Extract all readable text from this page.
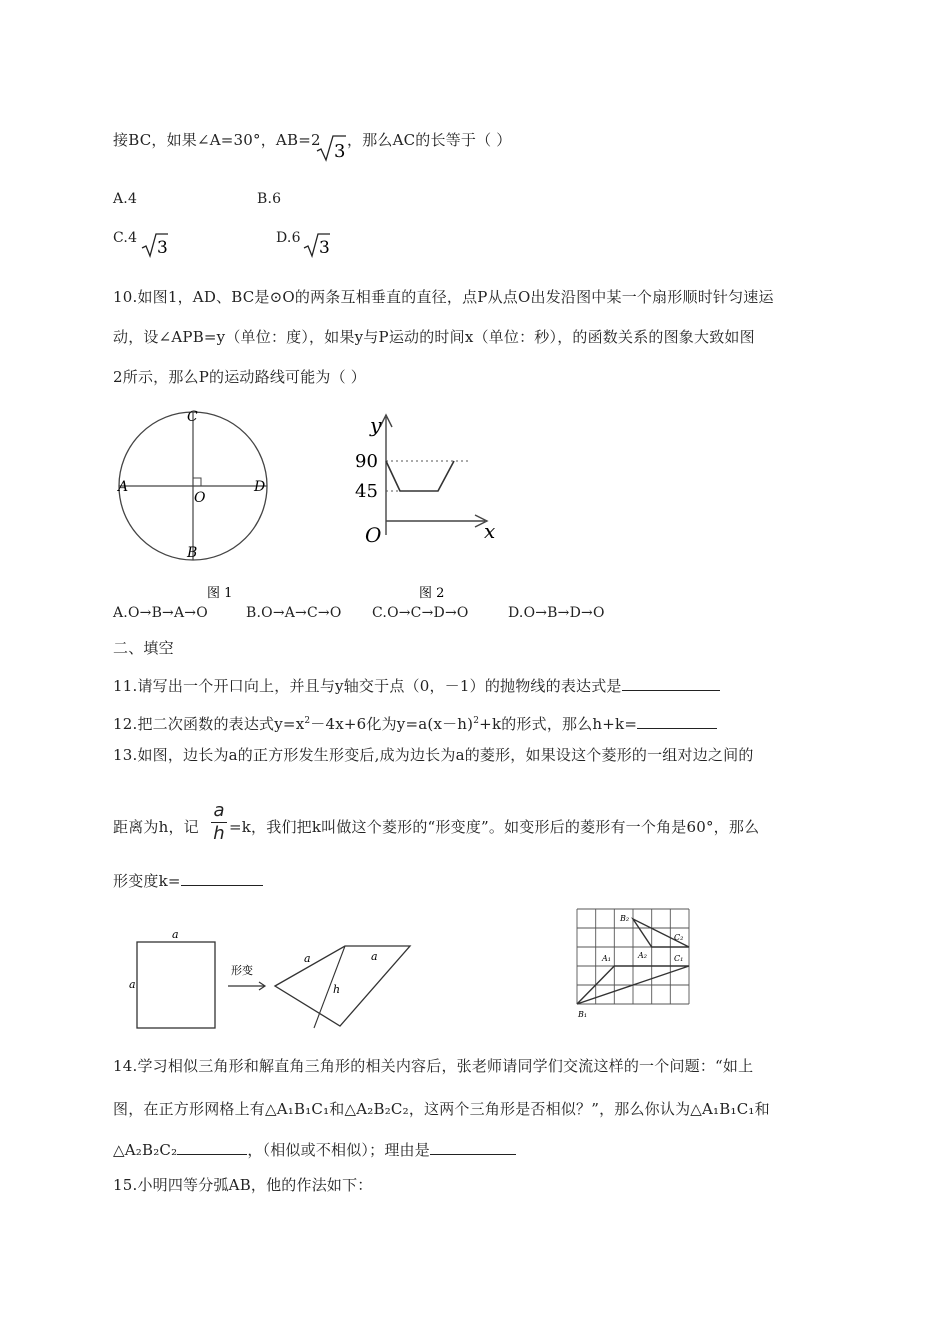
接BC，如果∠A=30°，AB=2
3
，那么AC的长等于（ ）
A.4	B.6
C.4 3	D.6 3
10.如图1，AD、BC是⊙O的两条互相垂直的直径，点P从点O出发沿图中某一个扇形顺时针匀速运
动，设∠APB=y（单位：度），如果y与P运动的时间x（单位：秒），的函数关系的图象大致如图
2所示，那么P的运动路线可能为（ ）
C
A
O
D
B
图 1
y
90
45
O	x
图 2
A.O→B→A→O	B.O→A→C→O C.O→C→D→O	D.O→B→D→O
二、填空
11.请写出一个开口向上，并且与y轴交于点（0，－1）的抛物线的表达式是
12.把二次函数的表达式$y=x^2-4x+6$化为$y=a(x-h)^2+k$的形式，那么h+k=
13.如图，边长为a的正方形发生形变后,成为边长为a的菱形，如果设这个菱形的一组对边之间的
距离为h，记
a
h =k，我们把k叫做这个菱形的“形变度”。如变形后的菱形有一个角是60°，那么
形变度k=
a
a
形变
a	a
h
B₂
C₂
A₁	A₂	C₁
B₁
14.学习相似三角形和解直角三角形的相关内容后，张老师请同学们交流这样的一个问题：“如上
图，在正方形网格上有△A₁B₁C₁和△A₂B₂C₂，这两个三角形是否相似？”，那么你认为△A₁B₁C₁和
△A₂B₂C₂	，（相似或不相似）；理由是
15.小明四等分弧AB，他的作法如下：
